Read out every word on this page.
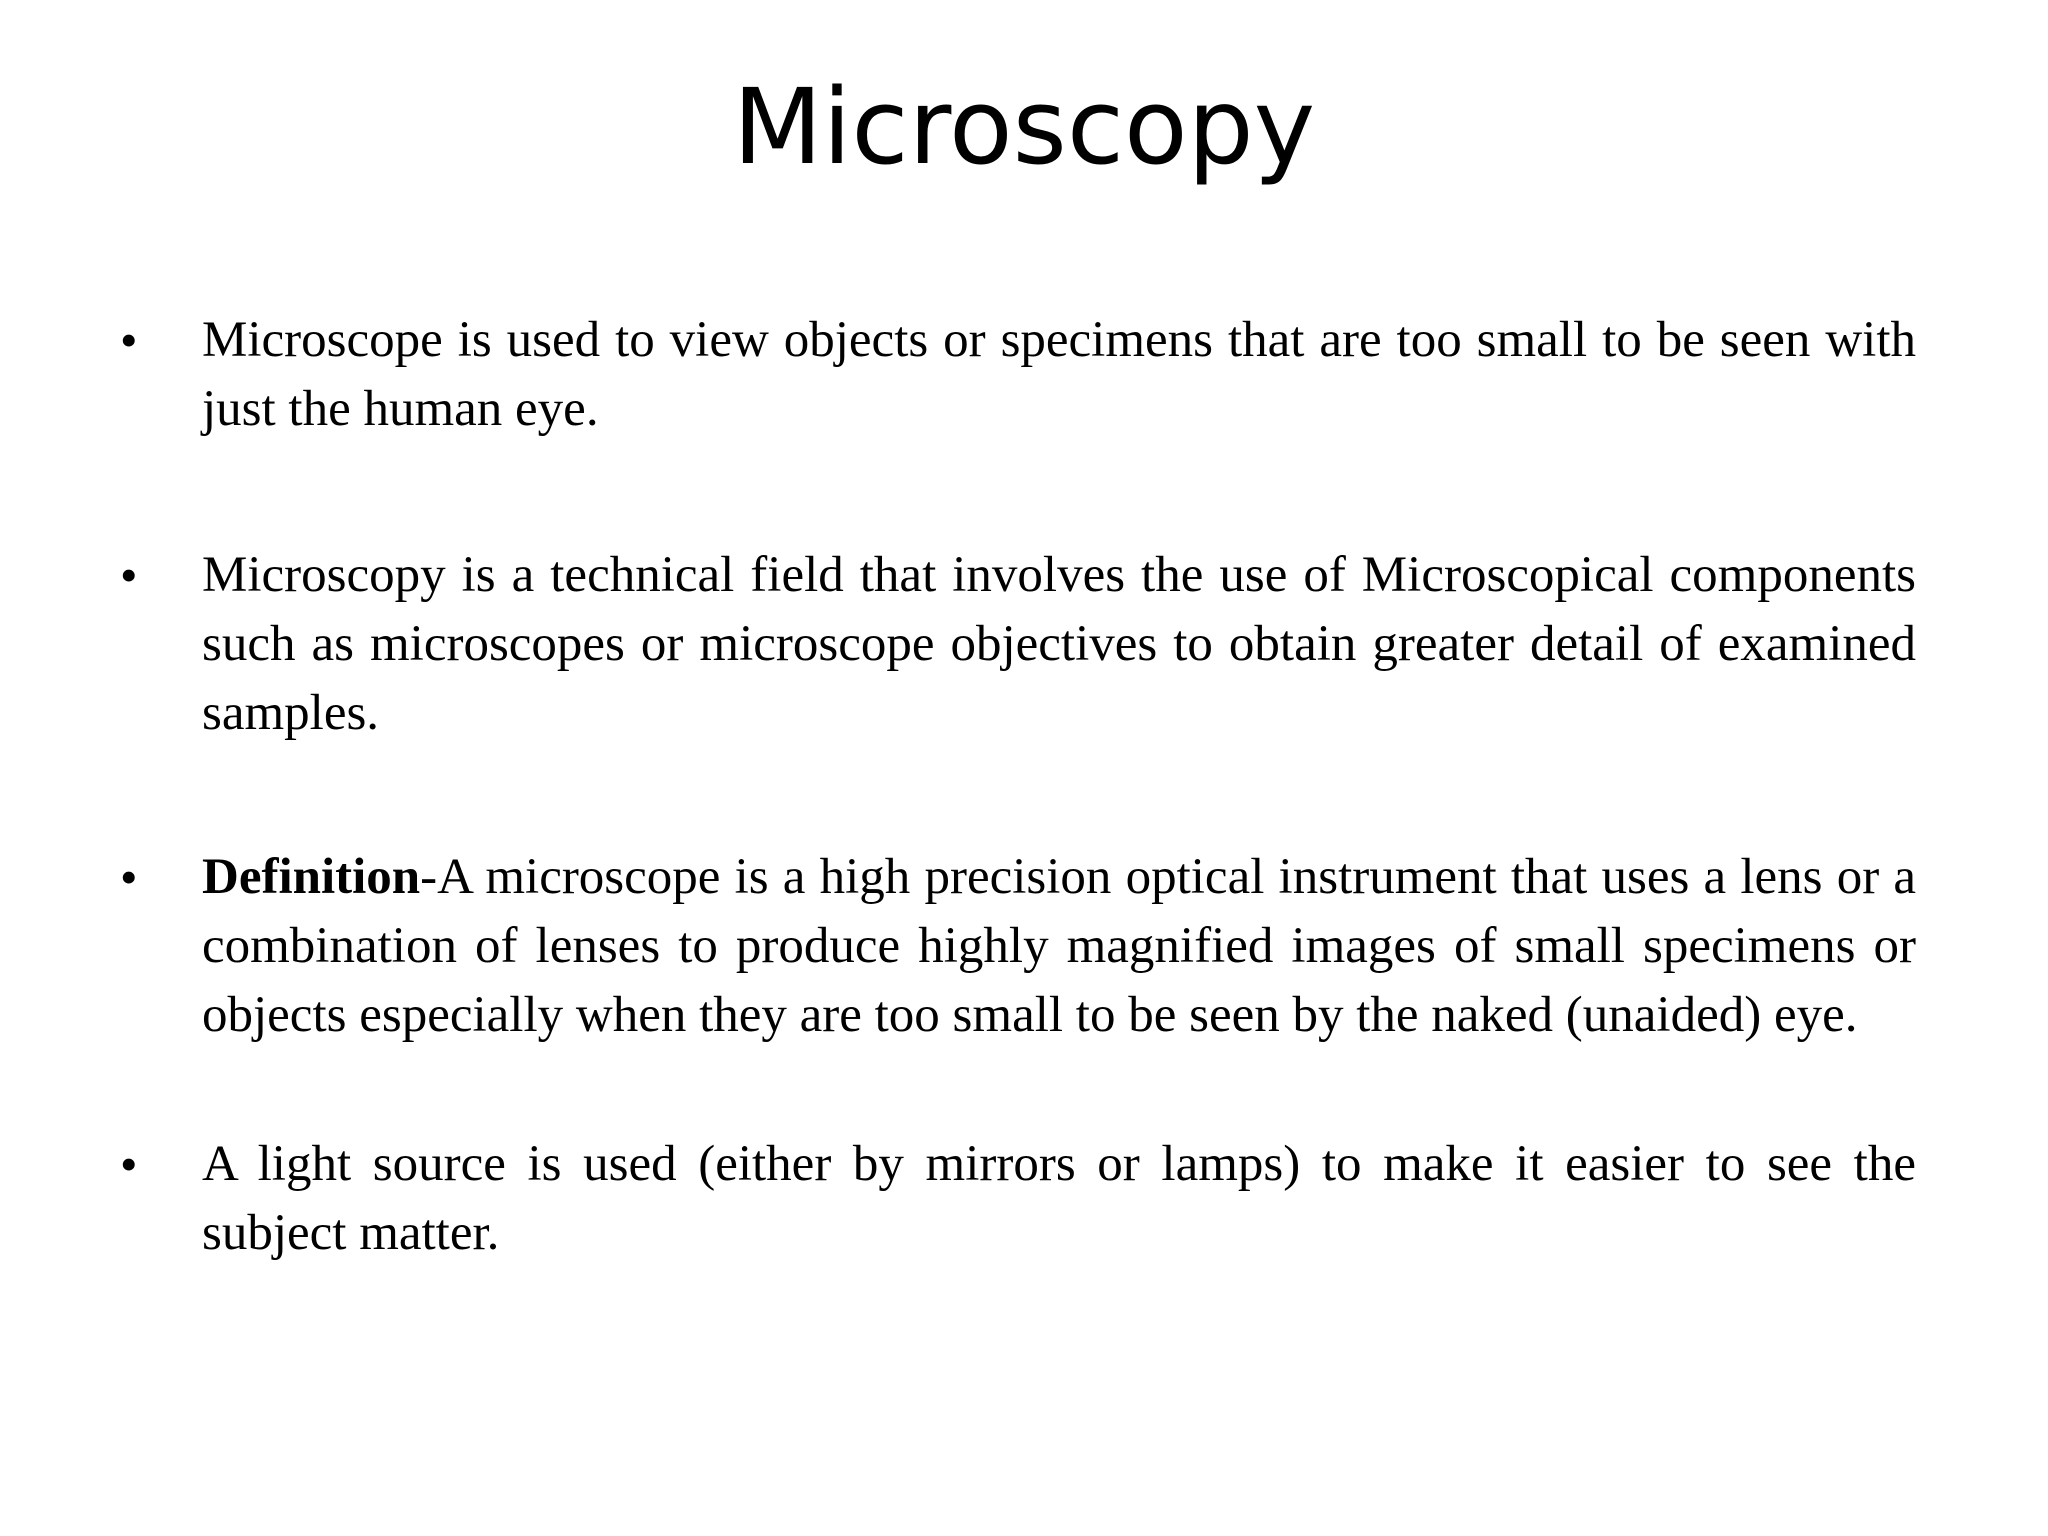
Microscopy
• Microscope is used to view objects or specimens that are too small to be seen with just the human eye.
• Microscopy is a technical field that involves the use of Microscopical components such as microscopes or microscope objectives to obtain greater detail of examined samples.
• Definition-A microscope is a high precision optical instrument that uses a lens or a combination of lenses to produce highly magnified images of small specimens or objects especially when they are too small to be seen by the naked (unaided) eye.
• A light source is used (either by mirrors or lamps) to make it easier to see the subject matter.
